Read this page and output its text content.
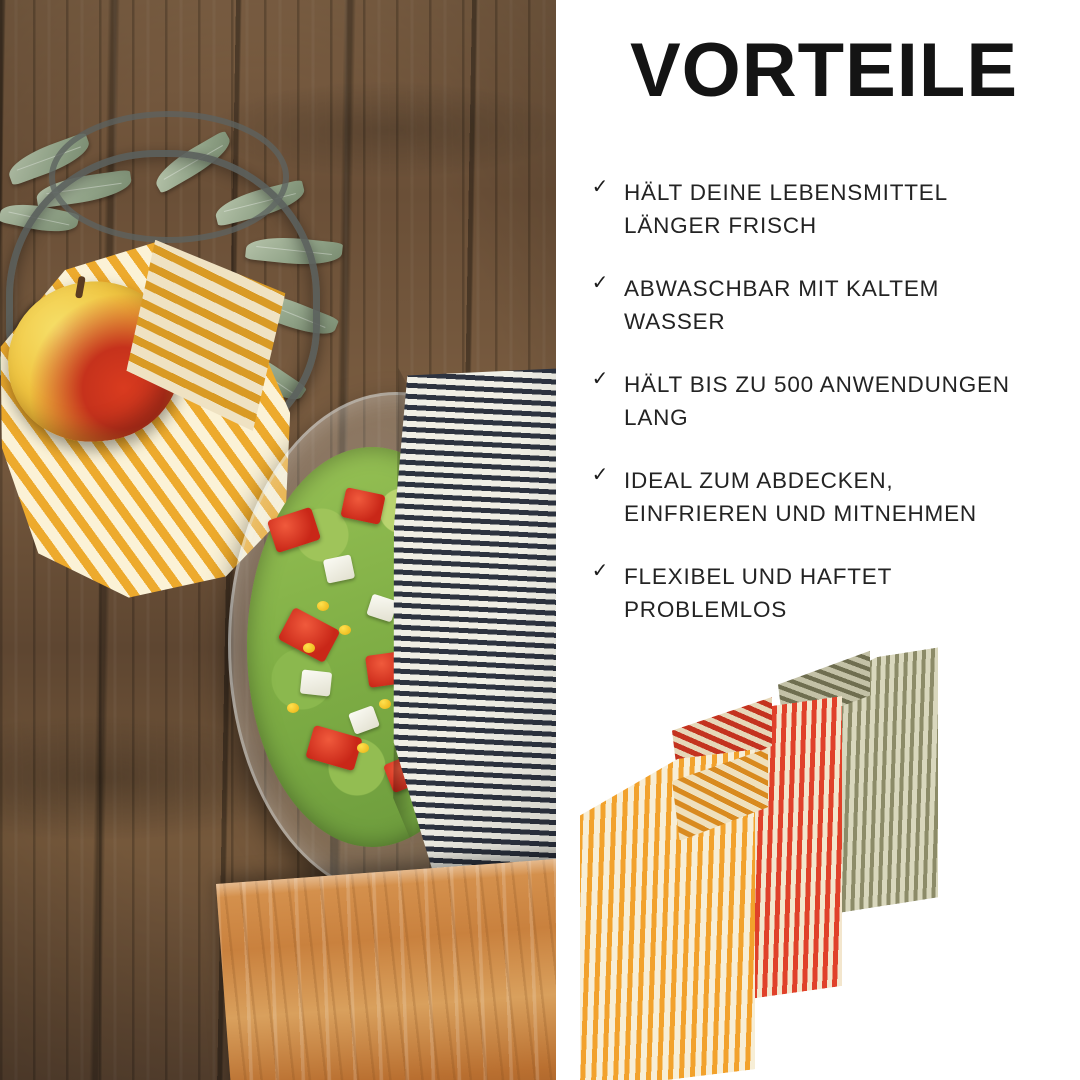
VORTEILE
✓ HÄLT DEINE LEBENSMITTEL LÄNGER FRISCH
✓ ABWASCHBAR MIT KALTEM WASSER
✓ HÄLT BIS ZU 500 ANWENDUNGEN LANG
✓ IDEAL ZUM ABDECKEN, EINFRIEREN UND MITNEHMEN
✓ FLEXIBEL UND HAFTET PROBLEMLOS
